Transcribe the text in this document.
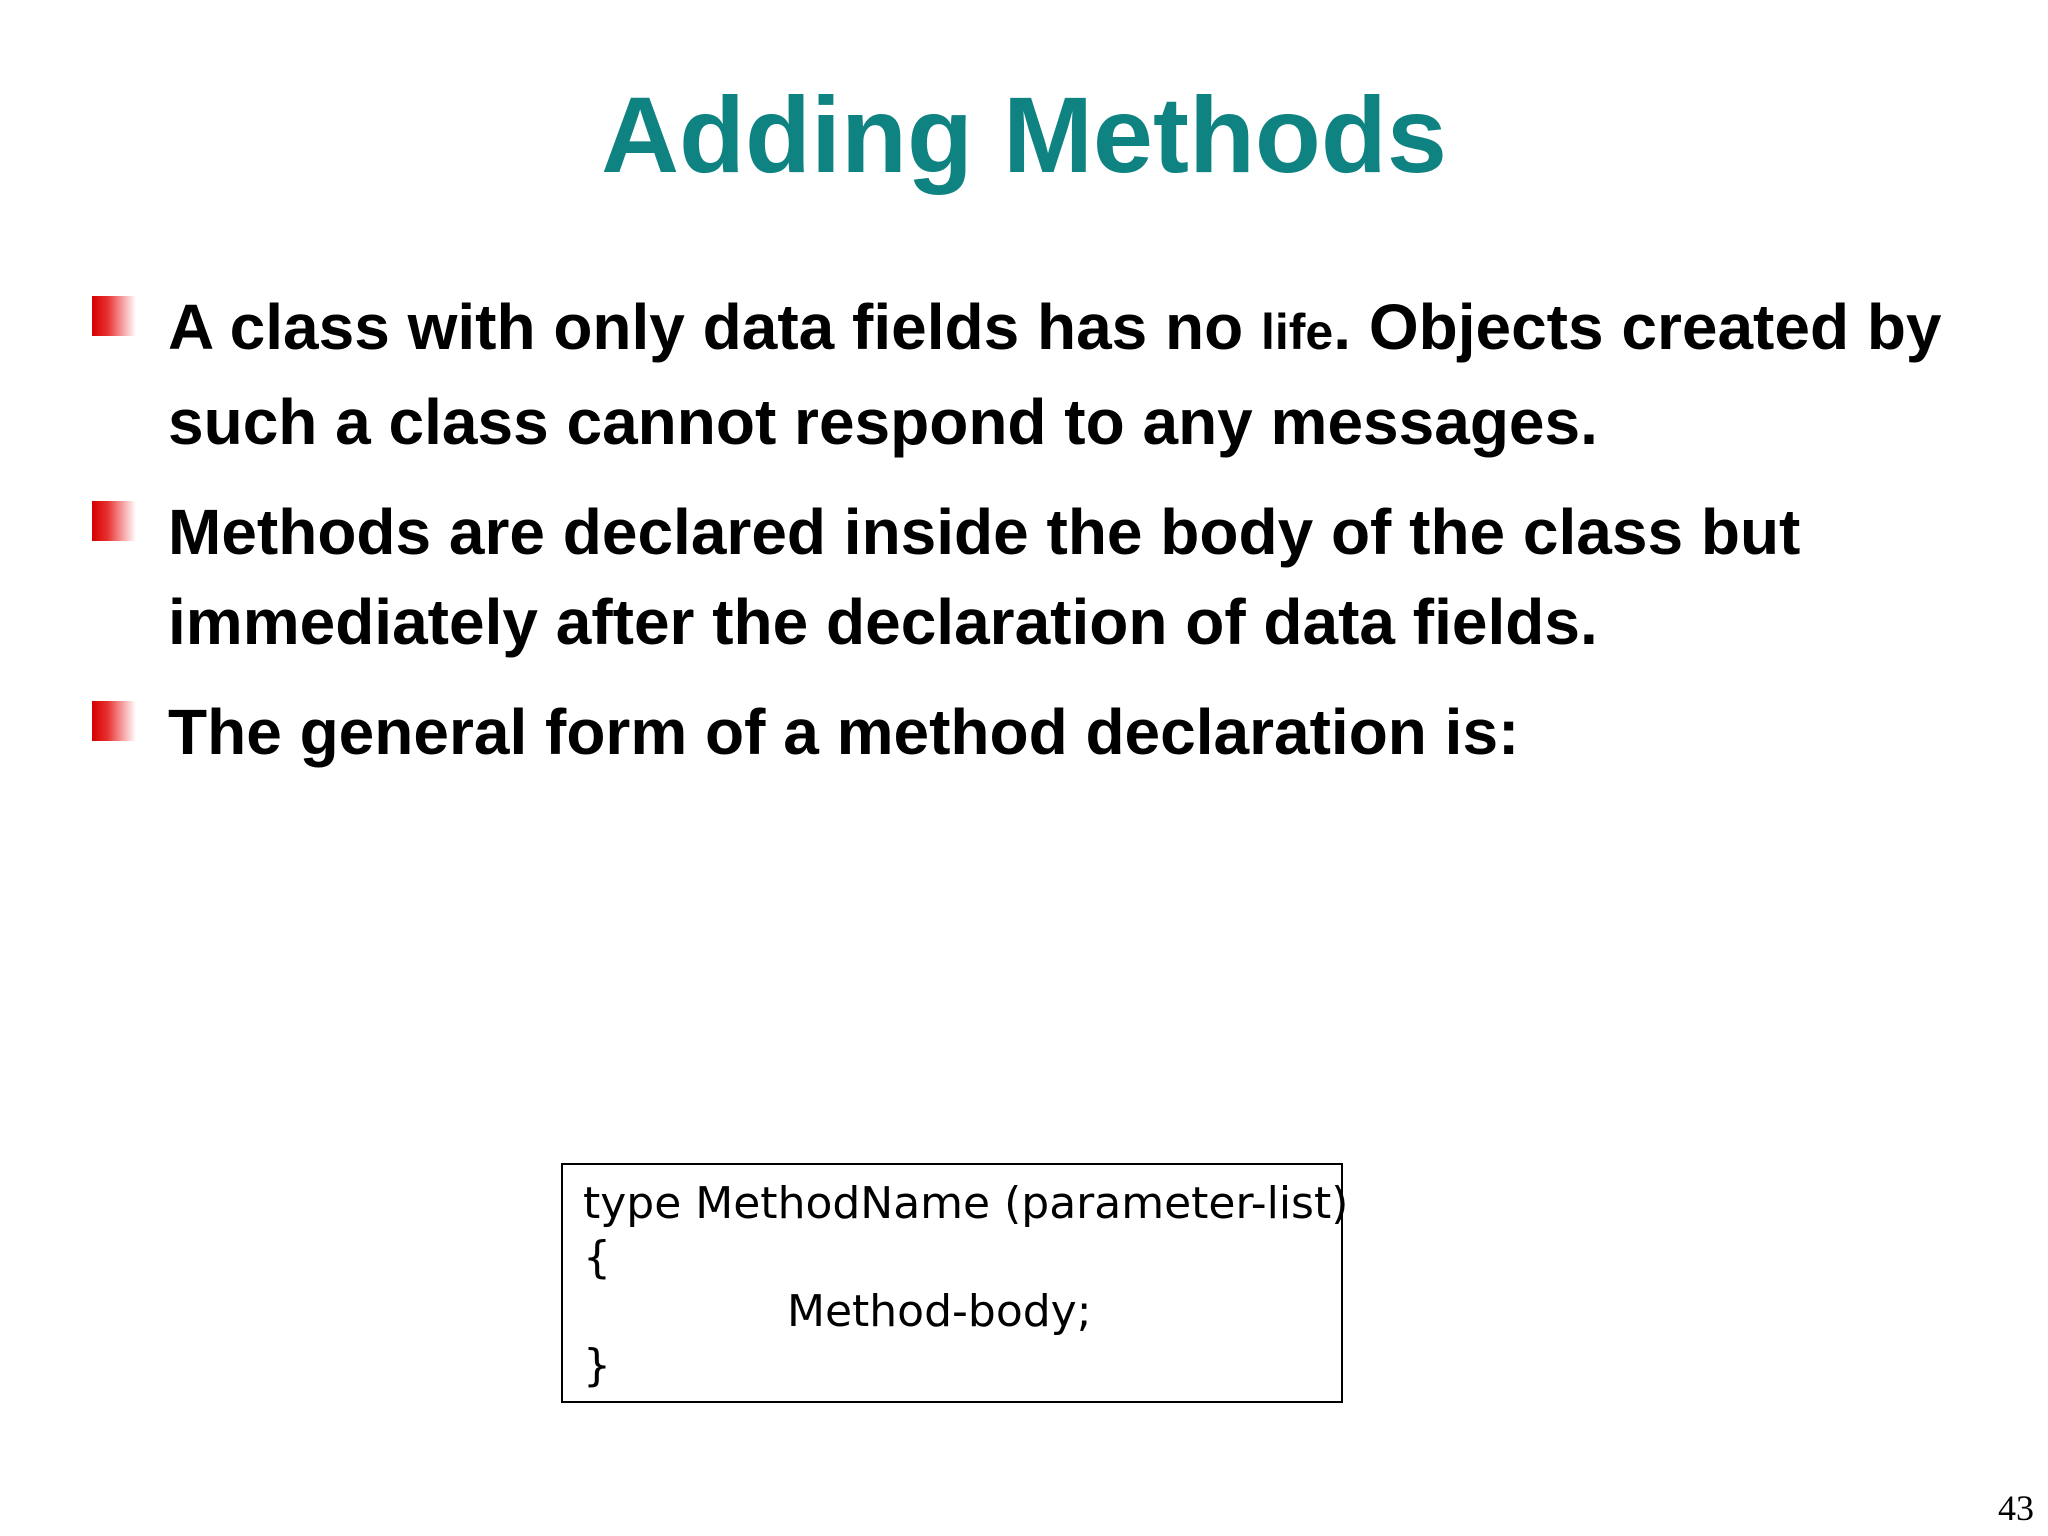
Adding Methods
A class with only data fields has no life. Objects created by such a class cannot respond to any messages.
Methods are declared inside the body of the class but immediately after the declaration of data fields.
The general form of a method declaration is:
type MethodName (parameter-list)
{
Method-body;
}
43
